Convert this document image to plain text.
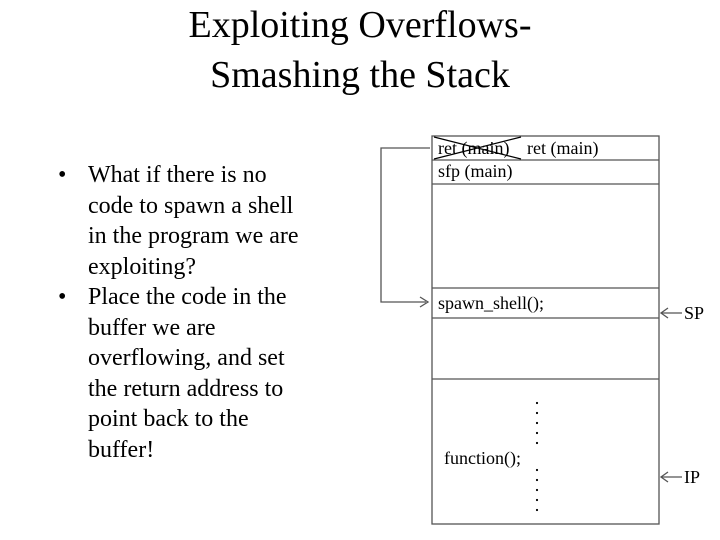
Exploiting Overflows-
Smashing the Stack
• What if there is no
code to spawn a shell
in the program we are
exploiting?
• Place the code in the
buffer we are
overflowing, and set
the return address to
point back to the
buffer!
ret (main) ret (main)
sfp (main)
spawn_shell();
function();
SP
IP
